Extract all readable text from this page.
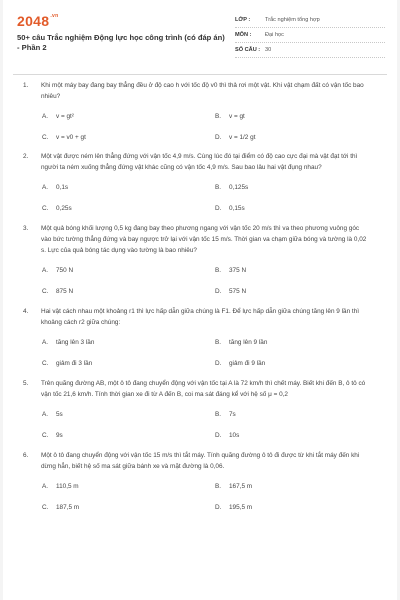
$2048^{.vn}$
50+ câu Trắc nghiệm Động lực học công trình (có đáp án) - Phần 2
LỚP :	Trắc nghiệm tổng hợp
MÔN :	Đại học
SỐ CÂU : 30
1. Khi một máy bay đang bay thẳng đều ở độ cao h với tốc độ v0 thì thả rơi một vật. Khi vật chạm đất có vận tốc bao nhiêu?
A. v = gt²	B. v = gt
C. v = v0 + gt	D. v = 1/2 gt
2. Một vật được ném lên thẳng đứng với vận tốc 4,9 m/s. Cùng lúc đó tại điểm có độ cao cực đại mà vật đạt tới thì người ta ném xuống thẳng đứng vật khác cũng có vận tốc 4,9 m/s. Sau bao lâu hai vật đụng nhau?
A. 0,1s	B. 0,125s
C. 0,25s	D. 0,15s
3. Một quả bóng khối lượng 0,5 kg đang bay theo phương ngang với vận tốc 20 m/s thì va theo phương vuông góc vào bức tường thẳng đứng và bay ngược trở lại với vận tốc 15 m/s. Thời gian va chạm giữa bóng và tường là 0,02 s. Lực của quả bóng tác dụng vào tường là bao nhiêu?
A. 750 N	B. 375 N
C. 875 N	D. 575 N
4. Hai vật cách nhau một khoảng r1 thì lực hấp dẫn giữa chúng là F1. Để lực hấp dẫn giữa chúng tăng lên 9 lần thì khoảng cách r2 giữa chúng:
A. tăng lên 3 lần	B. tăng lên 9 lần
C. giảm đi 3 lần	D. giảm đi 9 lần
5. Trên quãng đường AB, một ô tô đang chuyển động với vận tốc tại A là 72 km/h thì chết máy. Biết khi đến B, ô tô có vận tốc 21,6 km/h. Tính thời gian xe đi từ A đến B, coi ma sát đáng kể với hệ số μ = 0,2
A. 5s	B. 7s
C. 9s	D. 10s
6. Một ô tô đang chuyển động với vận tốc 15 m/s thì tắt máy. Tính quãng đường ô tô đi được từ khi tắt máy đến khi dừng hẳn, biết hệ số ma sát giữa bánh xe và mặt đường là 0,06.
A. 110,5 m	B. 167,5 m
C. 187,5 m	D. 195,5 m
